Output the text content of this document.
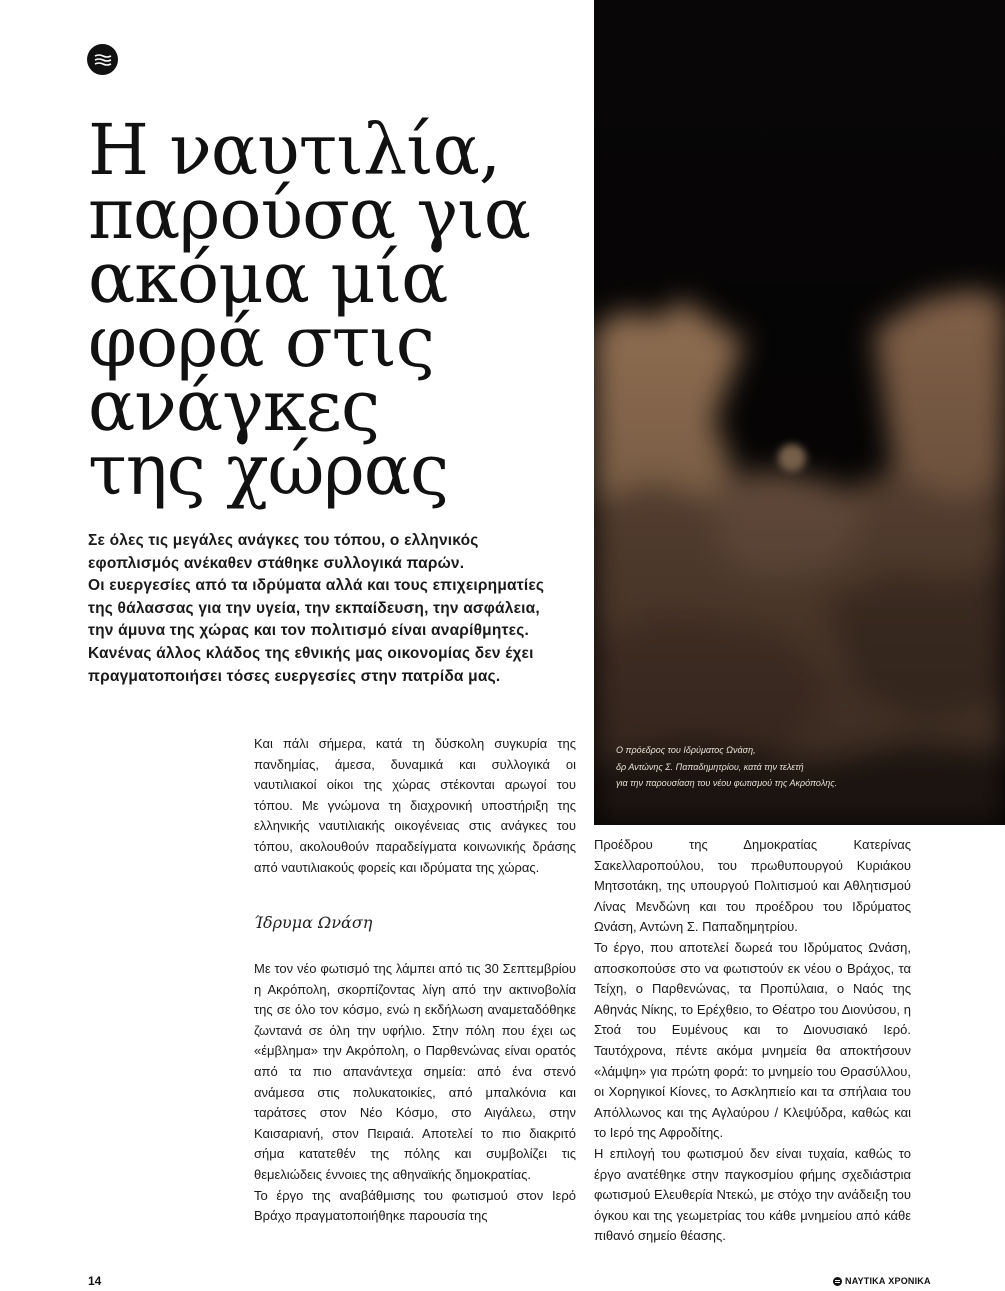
Η ναυτιλία,
παρούσα για
ακόμα μία
φορά στις
ανάγκες
της χώρας
Σε όλες τις μεγάλες ανάγκες του τόπου, ο ελληνικός
εφοπλισμός ανέκαθεν στάθηκε συλλογικά παρών.
Οι ευεργεσίες από τα ιδρύματα αλλά και τους επιχειρηματίες
της θάλασσας για την υγεία, την εκπαίδευση, την ασφάλεια,
την άμυνα της χώρας και τον πολιτισμό είναι αναρίθμητες.
Κανένας άλλος κλάδος της εθνικής μας οικονομίας δεν έχει
πραγματοποιήσει τόσες ευεργεσίες στην πατρίδα μας.
Ο πρόεδρος του Ιδρύματος Ωνάση,
δρ Αντώνης Σ. Παπαδημητρίου, κατά την τελετή
για την παρουσίαση του νέου φωτισμού της Ακρόπολης.

Και πάλι σήμερα, κατά τη δύσκολη συγκυρία της πανδημίας, άμεσα, δυναμικά και συλλογικά οι ναυτιλιακοί οίκοι της χώρας στέκονται αρωγοί του τόπου. Με γνώμονα τη διαχρονική υποστήριξη της ελληνικής ναυτιλιακής οικογένειας στις ανάγκες του τόπου, ακολουθούν παραδείγματα κοινωνικής δράσης από ναυτιλιακούς φορείς και ιδρύματα της χώρας.

Ίδρυμα Ωνάση

Με τον νέο φωτισμό της λάμπει από τις 30 Σεπτεμβρίου η Ακρόπολη, σκορπίζοντας λίγη από την ακτινοβολία της σε όλο τον κόσμο, ενώ η εκδήλωση αναμεταδόθηκε ζωντανά σε όλη την υφήλιο. Στην πόλη που έχει ως «έμβλημα» την Ακρόπολη, ο Παρθενώνας είναι ορατός από τα πιο απανάντεχα σημεία: από ένα στενό ανάμεσα στις πολυκατοικίες, από μπαλκόνια και ταράτσες στον Νέο Κόσμο, στο Αιγάλεω, στην Καισαριανή, στον Πειραιά. Αποτελεί το πιο διακριτό σήμα κατατεθέν της πόλης και συμβολίζει τις θεμελιώδεις έννοιες της αθηναϊκής δημοκρατίας.

Το έργο της αναβάθμισης του φωτισμού στον Ιερό Βράχο πραγματοποιήθηκε παρουσία της

Προέδρου της Δημοκρατίας Κατερίνας Σακελλαροπούλου, του πρωθυπουργού Κυριάκου Μητσοτάκη, της υπουργού Πολιτισμού και Αθλητισμού Λίνας Μενδώνη και του προέδρου του Ιδρύματος Ωνάση, Αντώνη Σ. Παπαδημητρίου.

Το έργο, που αποτελεί δωρεά του Ιδρύματος Ωνάση, αποσκοπούσε στο να φωτιστούν εκ νέου ο Βράχος, τα Τείχη, ο Παρθενώνας, τα Προπύλαια, ο Ναός της Αθηνάς Νίκης, το Ερέχθειο, το Θέατρο του Διονύσου, η Στοά του Ευμένους και το Διονυσιακό Ιερό. Ταυτόχρονα, πέντε ακόμα μνημεία θα αποκτήσουν «λάμψη» για πρώτη φορά: το μνημείο του Θρασύλλου, οι Χορηγικοί Κίονες, το Ασκληπιείο και τα σπήλαια του Απόλλωνος και της Αγλαύρου / Κλεψύδρα, καθώς και το Ιερό της Αφροδίτης.

Η επιλογή του φωτισμού δεν είναι τυχαία, καθώς το έργο ανατέθηκε στην παγκοσμίου φήμης σχεδιάστρια φωτισμού Ελευθερία Ντεκώ, με στόχο την ανάδειξη του όγκου και της γεωμετρίας του κάθε μνημείου από κάθε πιθανό σημείο θέασης.

14	ΝΑΥΤΙΚΑ ΧΡΟΝΙΚΑ
